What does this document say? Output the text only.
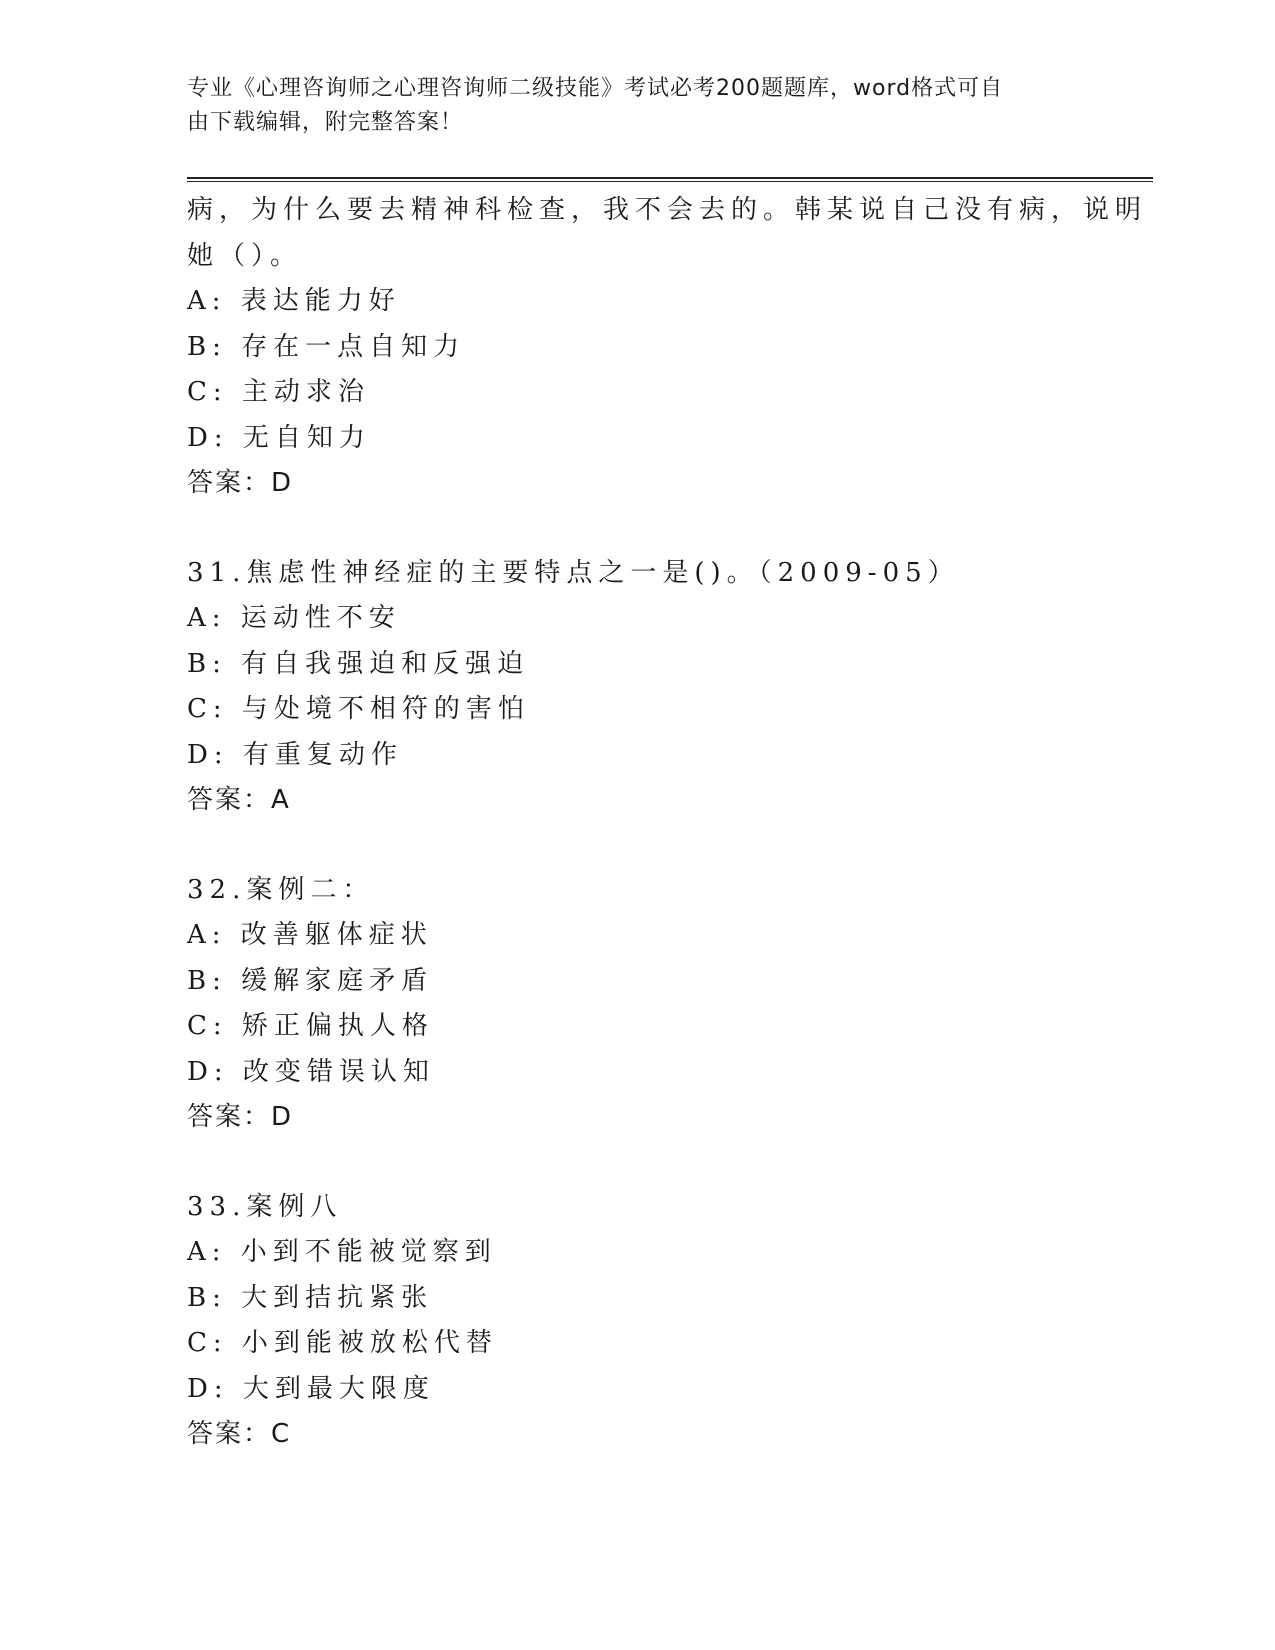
专业《心理咨询师之心理咨询师二级技能》考试必考200题题库，word格式可自
由下载编辑，附完整答案！
病，为什么要去精神科检查，我不会去的。韩某说自己没有病，说明
她（）。
A: 表达能力好
B: 存在一点自知力
C: 主动求治
D: 无自知力
答案：D
31.焦虑性神经症的主要特点之一是()。（2009-05）
A: 运动性不安
B: 有自我强迫和反强迫
C: 与处境不相符的害怕
D: 有重复动作
答案：A
32.案例二：
A: 改善躯体症状
B: 缓解家庭矛盾
C: 矫正偏执人格
D: 改变错误认知
答案：D
33.案例八
A: 小到不能被觉察到
B: 大到拮抗紧张
C: 小到能被放松代替
D: 大到最大限度
答案：C
